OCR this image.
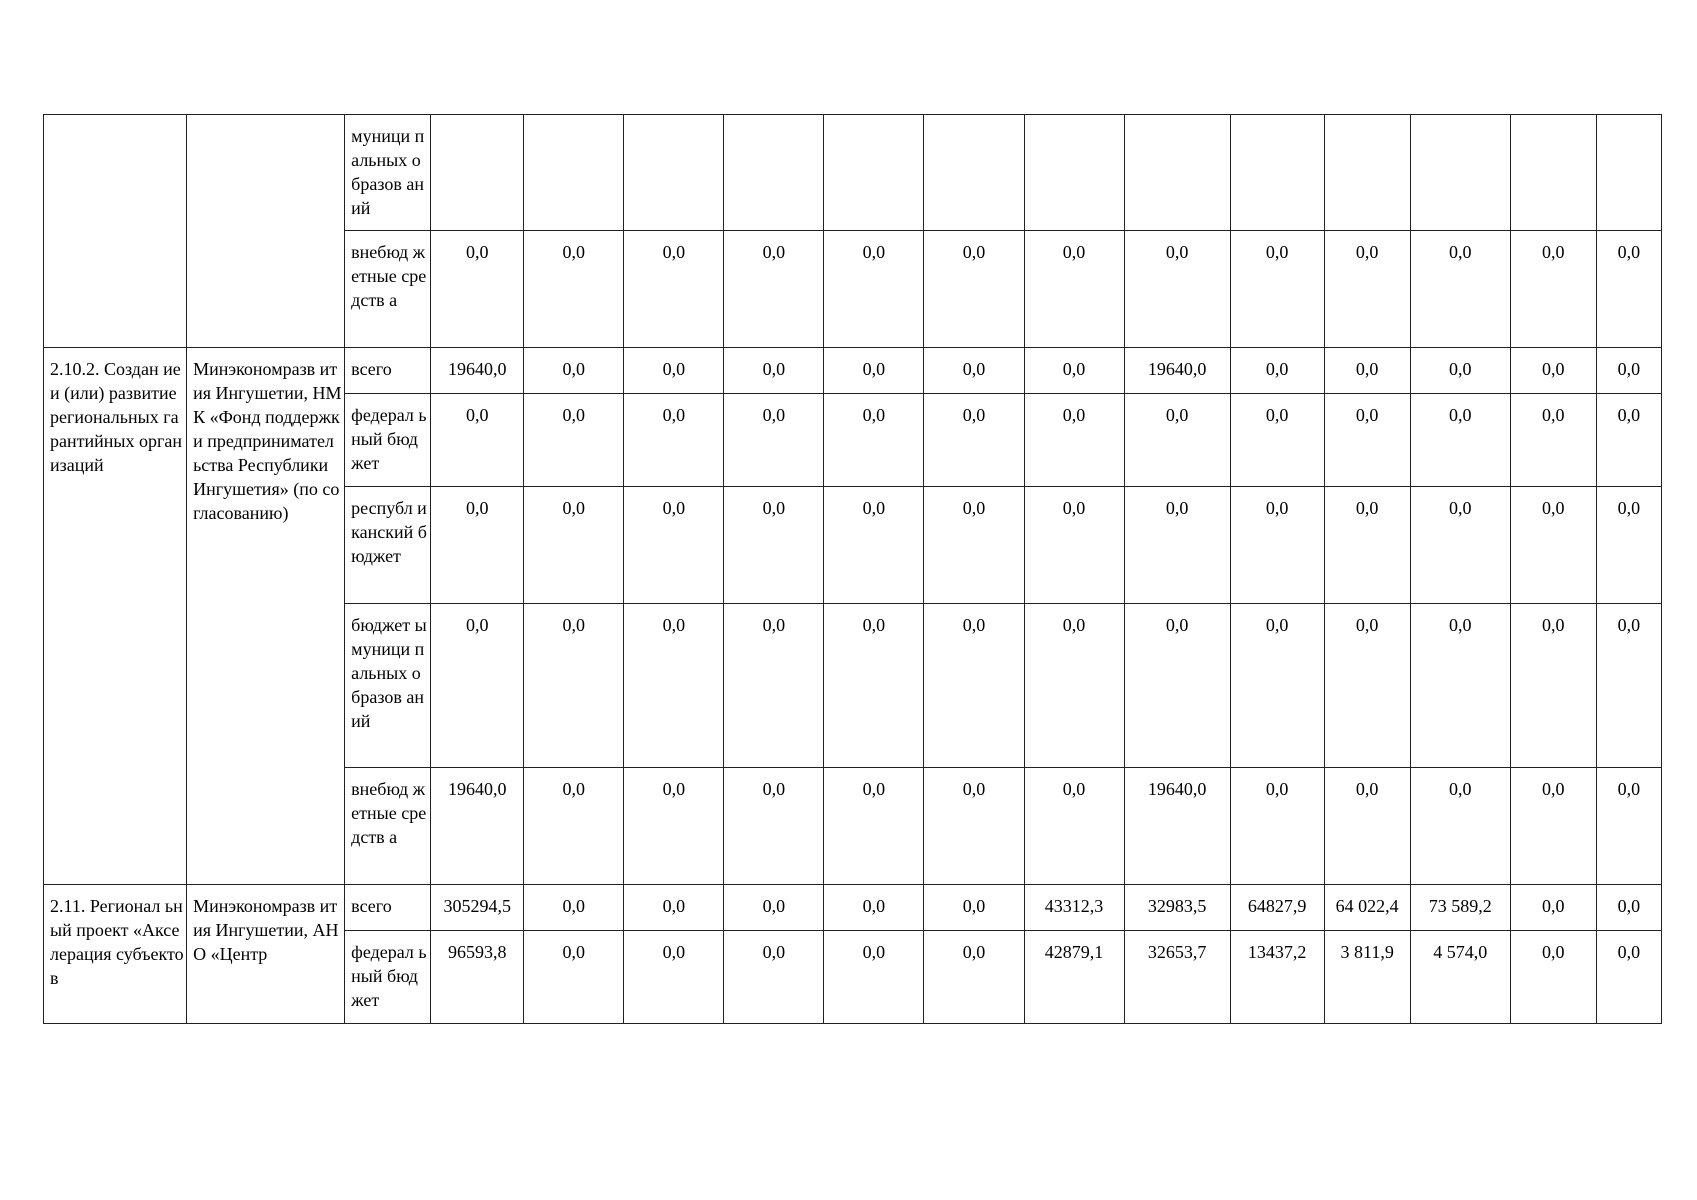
		муници пальных образов аний													
		внебюд жетные средств а	0,0	0,0	0,0	0,0	0,0	0,0	0,0	0,0	0,0	0,0	0,0	0,0	0,0
2.10.2. Создан ие и (или) развитие региональных гарантийных организаций	Минэкономразв ития Ингушетии, НМК «Фонд поддержки предпринимател ьства Республики Ингушетия» (по согласованию)	всего	19640,0	0,0	0,0	0,0	0,0	0,0	0,0	19640,0	0,0	0,0	0,0	0,0	0,0
		федерал ьный бюджет	0,0	0,0	0,0	0,0	0,0	0,0	0,0	0,0	0,0	0,0	0,0	0,0	0,0
		республ иканский бюджет	0,0	0,0	0,0	0,0	0,0	0,0	0,0	0,0	0,0	0,0	0,0	0,0	0,0
		бюджет ы муници пальных образов аний	0,0	0,0	0,0	0,0	0,0	0,0	0,0	0,0	0,0	0,0	0,0	0,0	0,0
		внебюд жетные средств а	19640,0	0,0	0,0	0,0	0,0	0,0	0,0	19640,0	0,0	0,0	0,0	0,0	0,0
2.11. Регионал ьный проект «Акселерация субъектов	Минэкономразв ития Ингушетии, АНО «Центр	всего	305294,5	0,0	0,0	0,0	0,0	0,0	43312,3	32983,5	64827,9	64 022,4	73 589,2	0,0	0,0
		федерал ьный бюджет	96593,8	0,0	0,0	0,0	0,0	0,0	42879,1	32653,7	13437,2	3 811,9	4 574,0	0,0	0,0
